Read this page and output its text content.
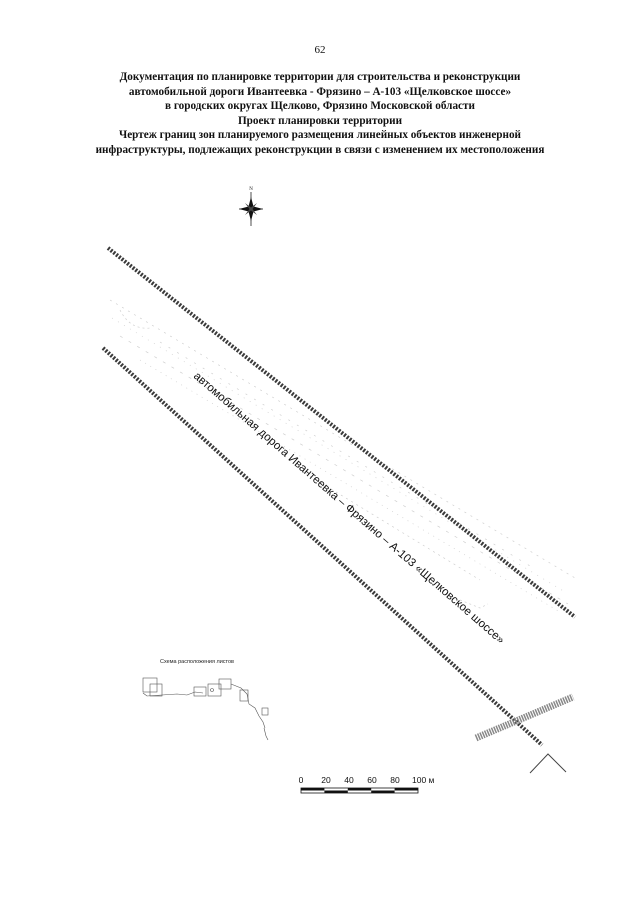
62
Документация по планировке территории для строительства и реконструкции
автомобильной дороги Ивантеевка - Фрязино – А-103 «Щелковское шоссе»
в городских округах Щелково, Фрязино Московской области
Проект планировки территории
Чертеж границ зон планируемого размещения линейных объектов инженерной
инфраструктуры, подлежащих реконструкции в связи с изменением их местоположения
N
автомобильная дорога Ивантеевка – Фрязино – А-103 «Щелковское шоссе»
Схема расположения листов
0 20 40 60 80 100 м
